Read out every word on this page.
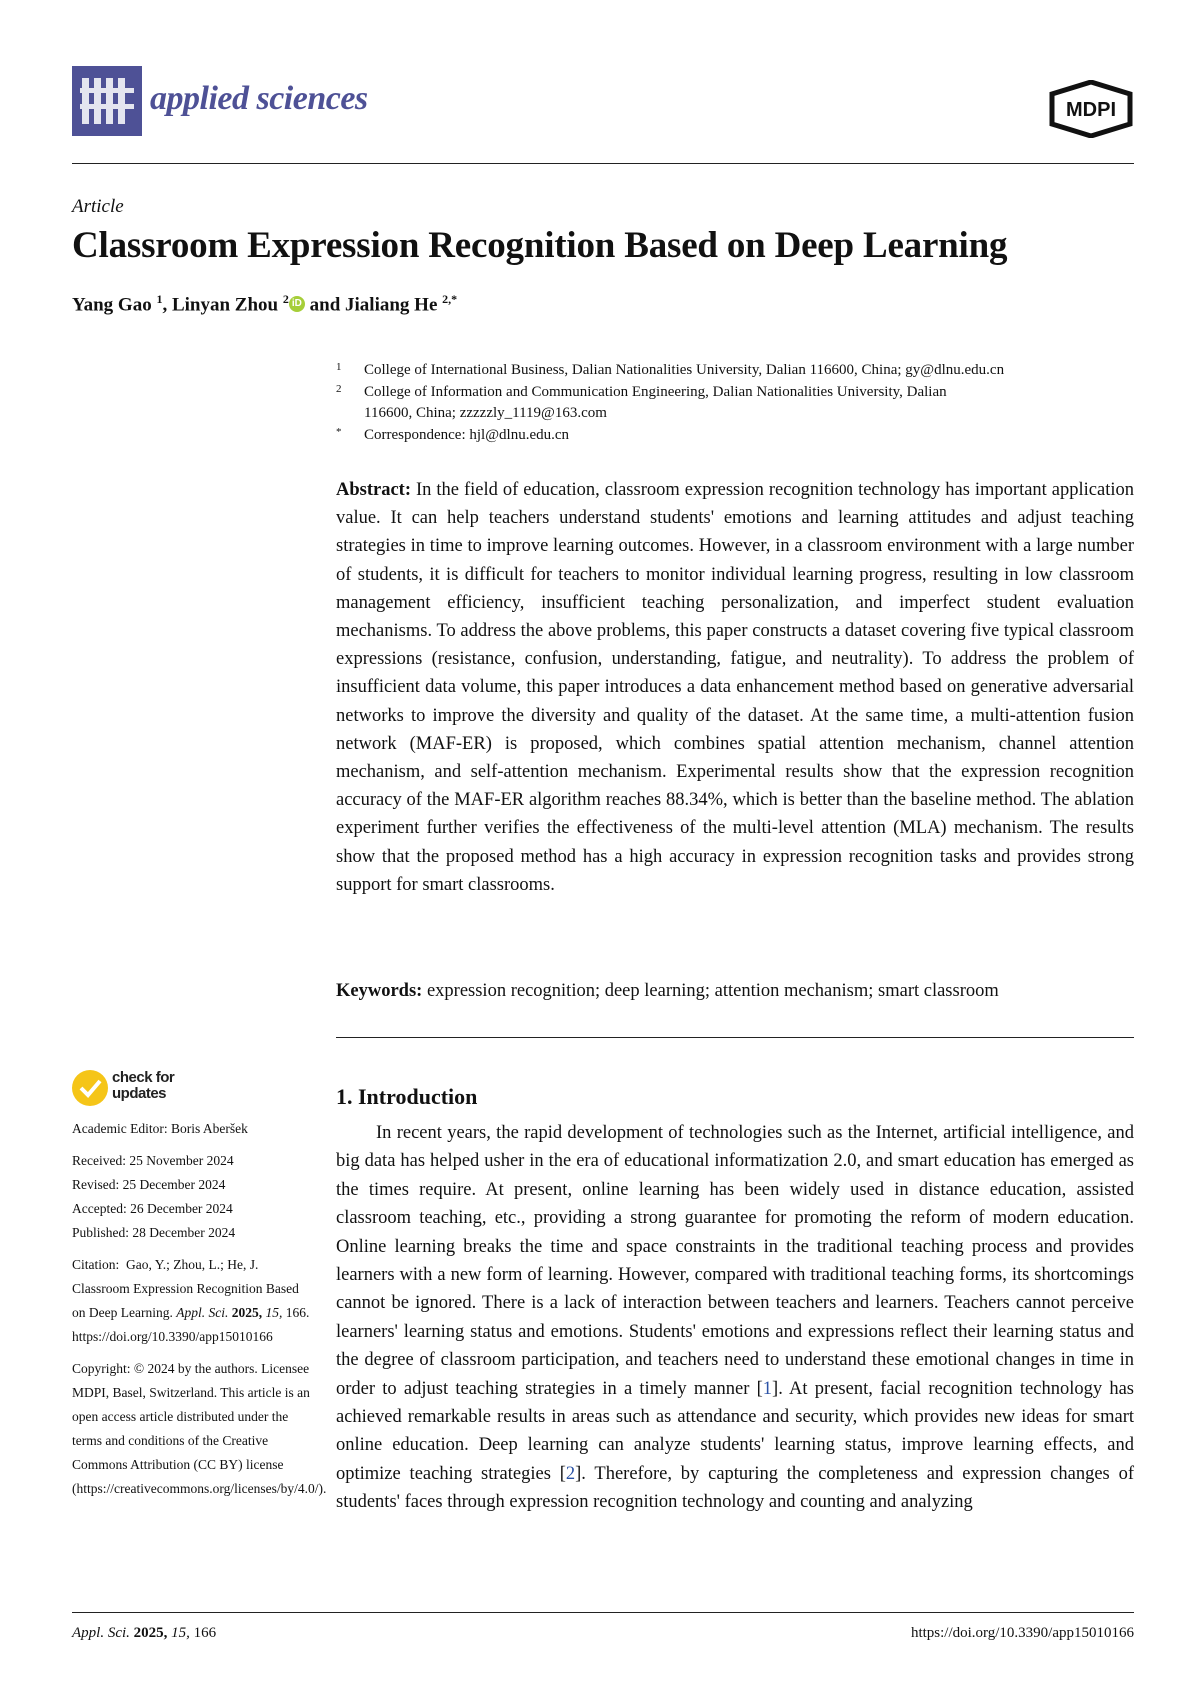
applied sciences	MDPI
Article
Classroom Expression Recognition Based on Deep Learning
Yang Gao $^1$, Linyan Zhou $^2$ iD and Jialiang He $^{2,*}$
1 College of International Business, Dalian Nationalities University, Dalian 116600, China; gy@dlnu.edu.cn
2 College of Information and Communication Engineering, Dalian Nationalities University, Dalian 116600, China; zzzzzly_1119@163.com
* Correspondence: hjl@dlnu.edu.cn
Abstract: In the field of education, classroom expression recognition technology has important application value. It can help teachers understand students' emotions and learning attitudes and adjust teaching strategies in time to improve learning outcomes. However, in a classroom environment with a large number of students, it is difficult for teachers to monitor individual learning progress, resulting in low classroom management efficiency, insufficient teaching personalization, and imperfect student evaluation mechanisms. To address the above problems, this paper constructs a dataset covering five typical classroom expressions (resistance, confusion, understanding, fatigue, and neutrality). To address the problem of insufficient data volume, this paper introduces a data enhancement method based on generative adversarial networks to improve the diversity and quality of the dataset. At the same time, a multi-attention fusion network (MAF-ER) is proposed, which combines spatial attention mechanism, channel attention mechanism, and self-attention mechanism. Experimental results show that the expression recognition accuracy of the MAF-ER algorithm reaches 88.34%, which is better than the baseline method. The ablation experiment further verifies the effectiveness of the multi-level attention (MLA) mechanism. The results show that the proposed method has a high accuracy in expression recognition tasks and provides strong support for smart classrooms.
Keywords: expression recognition; deep learning; attention mechanism; smart classroom
check for
updates
Academic Editor: Boris Aberšek
Received: 25 November 2024
Revised: 25 December 2024
Accepted: 26 December 2024
Published: 28 December 2024
Citation: Gao, Y.; Zhou, L.; He, J. Classroom Expression Recognition Based on Deep Learning. Appl. Sci. 2025, 15, 166. https://doi.org/10.3390/app15010166
Copyright: © 2024 by the authors. Licensee MDPI, Basel, Switzerland. This article is an open access article distributed under the terms and conditions of the Creative Commons Attribution (CC BY) license (https://creativecommons.org/licenses/by/4.0/).
1. Introduction
In recent years, the rapid development of technologies such as the Internet, artificial intelligence, and big data has helped usher in the era of educational informatization 2.0, and smart education has emerged as the times require. At present, online learning has been widely used in distance education, assisted classroom teaching, etc., providing a strong guarantee for promoting the reform of modern education. Online learning breaks the time and space constraints in the traditional teaching process and provides learners with a new form of learning. However, compared with traditional teaching forms, its shortcomings cannot be ignored. There is a lack of interaction between teachers and learners. Teachers cannot perceive learners' learning status and emotions. Students' emotions and expressions reflect their learning status and the degree of classroom participation, and teachers need to understand these emotional changes in time in order to adjust teaching strategies in a timely manner [1]. At present, facial recognition technology has achieved remarkable results in areas such as attendance and security, which provides new ideas for smart online education. Deep learning can analyze students' learning status, improve learning effects, and optimize teaching strategies [2]. Therefore, by capturing the completeness and expression changes of students' faces through expression recognition technology and counting and analyzing
Appl. Sci. 2025, 15, 166	https://doi.org/10.3390/app15010166
